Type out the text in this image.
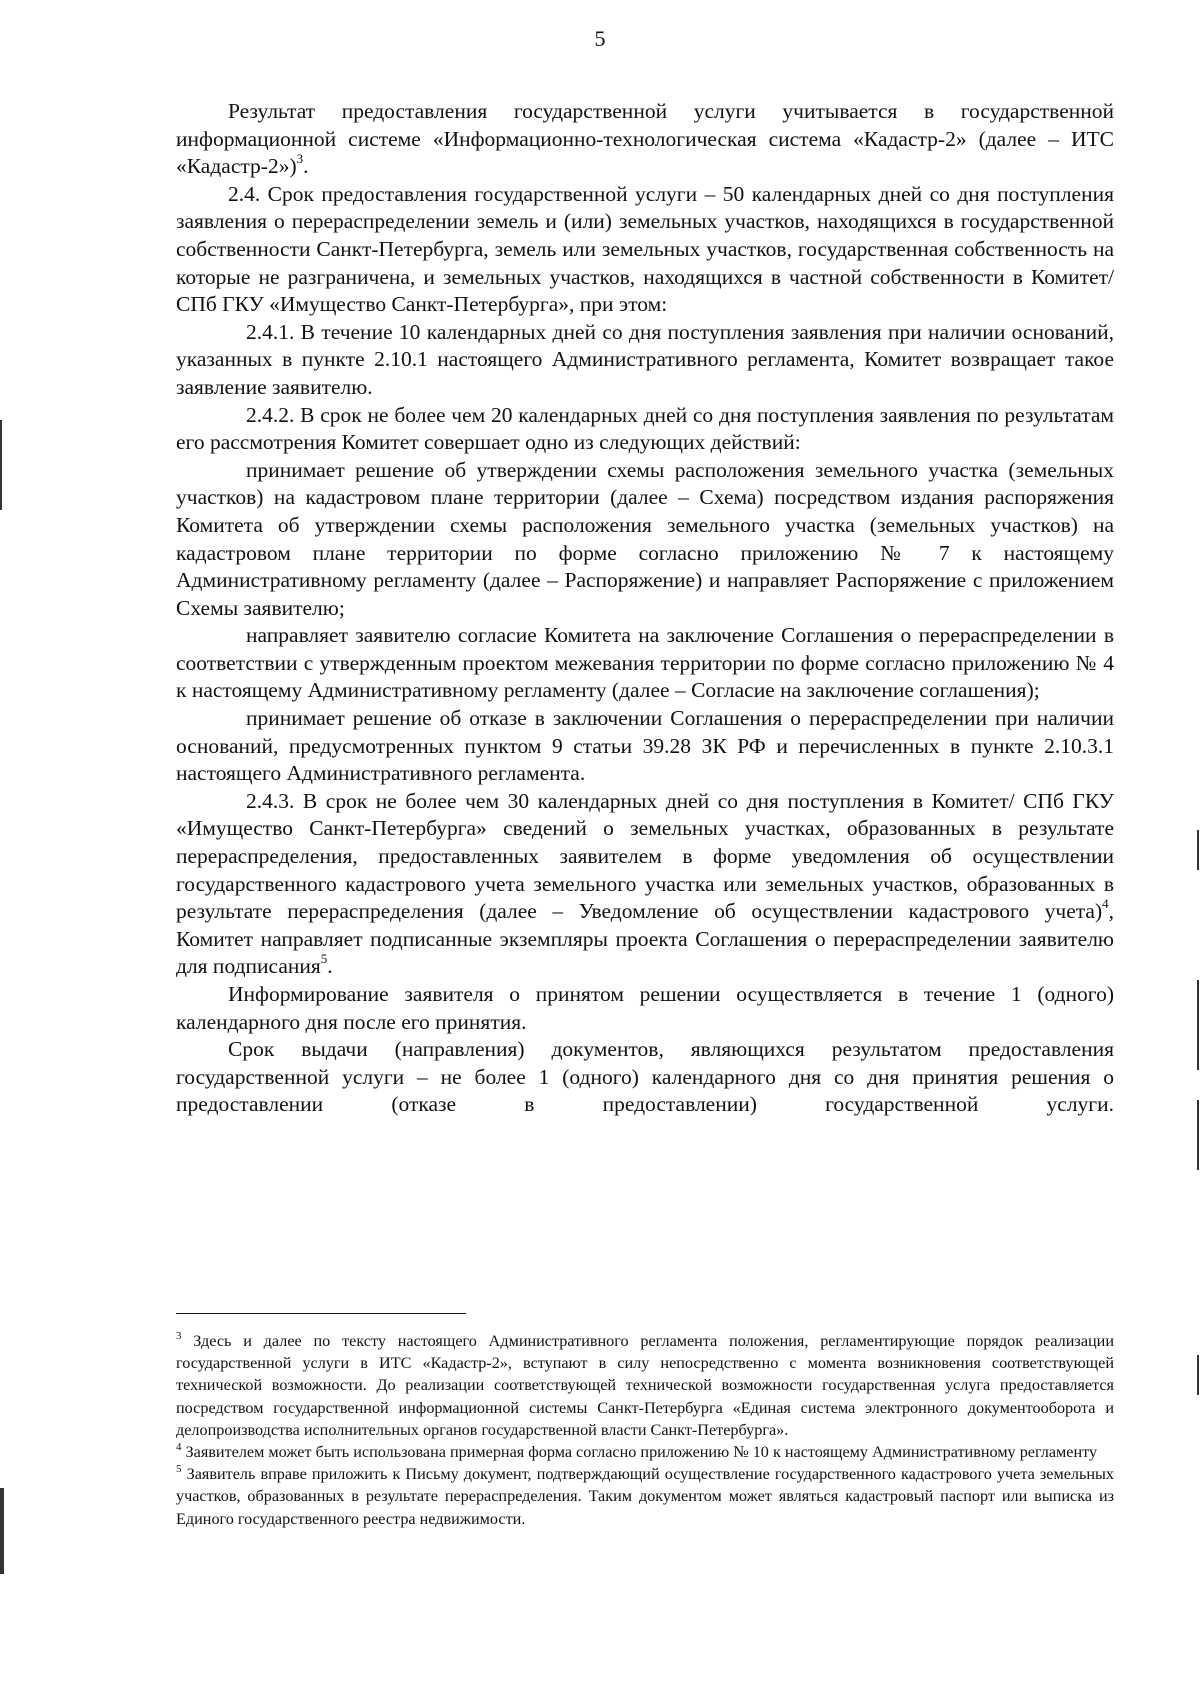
5

Результат предоставления государственной услуги учитывается в государственной информационной системе «Информационно-технологическая система «Кадастр-2» (далее – ИТС «Кадастр-2»)$^3$.

2.4. Срок предоставления государственной услуги – 50 календарных дней со дня поступления заявления о перераспределении земель и (или) земельных участков, находящихся в государственной собственности Санкт-Петербурга, земель или земельных участков, государственная собственность на которые не разграничена, и земельных участков, находящихся в частной собственности в Комитет/СПб ГКУ «Имущество Санкт-Петербурга», при этом:

2.4.1. В течение 10 календарных дней со дня поступления заявления при наличии оснований, указанных в пункте 2.10.1 настоящего Административного регламента, Комитет возвращает такое заявление заявителю.

2.4.2. В срок не более чем 20 календарных дней со дня поступления заявления по результатам его рассмотрения Комитет совершает одно из следующих действий:

принимает решение об утверждении схемы расположения земельного участка (земельных участков) на кадастровом плане территории (далее – Схема) посредством издания распоряжения Комитета об утверждении схемы расположения земельного участка (земельных участков) на кадастровом плане территории по форме согласно приложению № 7 к настоящему Административному регламенту (далее – Распоряжение) и направляет Распоряжение с приложением Схемы заявителю;

направляет заявителю согласие Комитета на заключение Соглашения о перераспределении в соответствии с утвержденным проектом межевания территории по форме согласно приложению № 4 к настоящему Административному регламенту (далее – Согласие на заключение соглашения);

принимает решение об отказе в заключении Соглашения о перераспределении при наличии оснований, предусмотренных пунктом 9 статьи 39.28 ЗК РФ и перечисленных в пункте 2.10.3.1 настоящего Административного регламента.

2.4.3. В срок не более чем 30 календарных дней со дня поступления в Комитет/ СПб ГКУ «Имущество Санкт-Петербурга» сведений о земельных участках, образованных в результате перераспределения, предоставленных заявителем в форме уведомления об осуществлении государственного кадастрового учета земельного участка или земельных участков, образованных в результате перераспределения (далее – Уведомление об осуществлении кадастрового учета)$^4$, Комитет направляет подписанные экземпляры проекта Соглашения о перераспределении заявителю для подписания$^5$.

Информирование заявителя о принятом решении осуществляется в течение 1 (одного) календарного дня после его принятия.

Срок выдачи (направления) документов, являющихся результатом предоставления государственной услуги – не более 1 (одного) календарного дня со дня принятия решения о предоставлении (отказе в предоставлении) государственной услуги.

$^3$ Здесь и далее по тексту настоящего Административного регламента положения, регламентирующие порядок реализации государственной услуги в ИТС «Кадастр-2», вступают в силу непосредственно с момента возникновения соответствующей технической возможности. До реализации соответствующей технической возможности государственная услуга предоставляется посредством государственной информационной системы Санкт-Петербурга «Единая система электронного документооборота и делопроизводства исполнительных органов государственной власти Санкт-Петербурга».

$^4$ Заявителем может быть использована примерная форма согласно приложению № 10 к настоящему Административному регламенту

$^5$ Заявитель вправе приложить к Письму документ, подтверждающий осуществление государственного кадастрового учета земельных участков, образованных в результате перераспределения. Таким документом может являться кадастровый паспорт или выписка из Единого государственного реестра недвижимости.
